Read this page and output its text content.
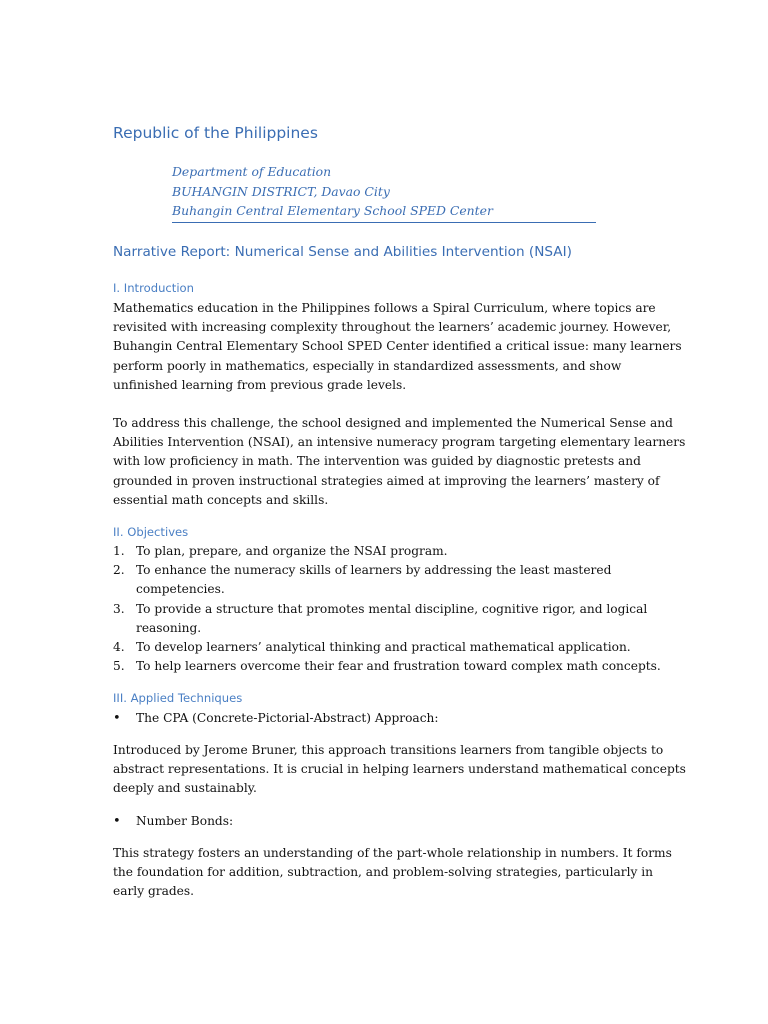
Republic of the Philippines
Department of Education
BUHANGIN DISTRICT, Davao City
Buhangin Central Elementary School SPED Center
Narrative Report: Numerical Sense and Abilities Intervention (NSAI)
I. Introduction
Mathematics education in the Philippines follows a Spiral Curriculum, where topics are
revisited with increasing complexity throughout the learners’ academic journey. However,
Buhangin Central Elementary School SPED Center identified a critical issue: many learners
perform poorly in mathematics, especially in standardized assessments, and show
unfinished learning from previous grade levels.
To address this challenge, the school designed and implemented the Numerical Sense and
Abilities Intervention (NSAI), an intensive numeracy program targeting elementary learners
with low proficiency in math. The intervention was guided by diagnostic pretests and
grounded in proven instructional strategies aimed at improving the learners’ mastery of
essential math concepts and skills.
II. Objectives
1. To plan, prepare, and organize the NSAI program.
2. To enhance the numeracy skills of learners by addressing the least mastered
competencies.
3. To provide a structure that promotes mental discipline, cognitive rigor, and logical
reasoning.
4. To develop learners’ analytical thinking and practical mathematical application.
5. To help learners overcome their fear and frustration toward complex math concepts.
III. Applied Techniques
• The CPA (Concrete-Pictorial-Abstract) Approach:
Introduced by Jerome Bruner, this approach transitions learners from tangible objects to
abstract representations. It is crucial in helping learners understand mathematical concepts
deeply and sustainably.
• Number Bonds:
This strategy fosters an understanding of the part-whole relationship in numbers. It forms
the foundation for addition, subtraction, and problem-solving strategies, particularly in
early grades.
